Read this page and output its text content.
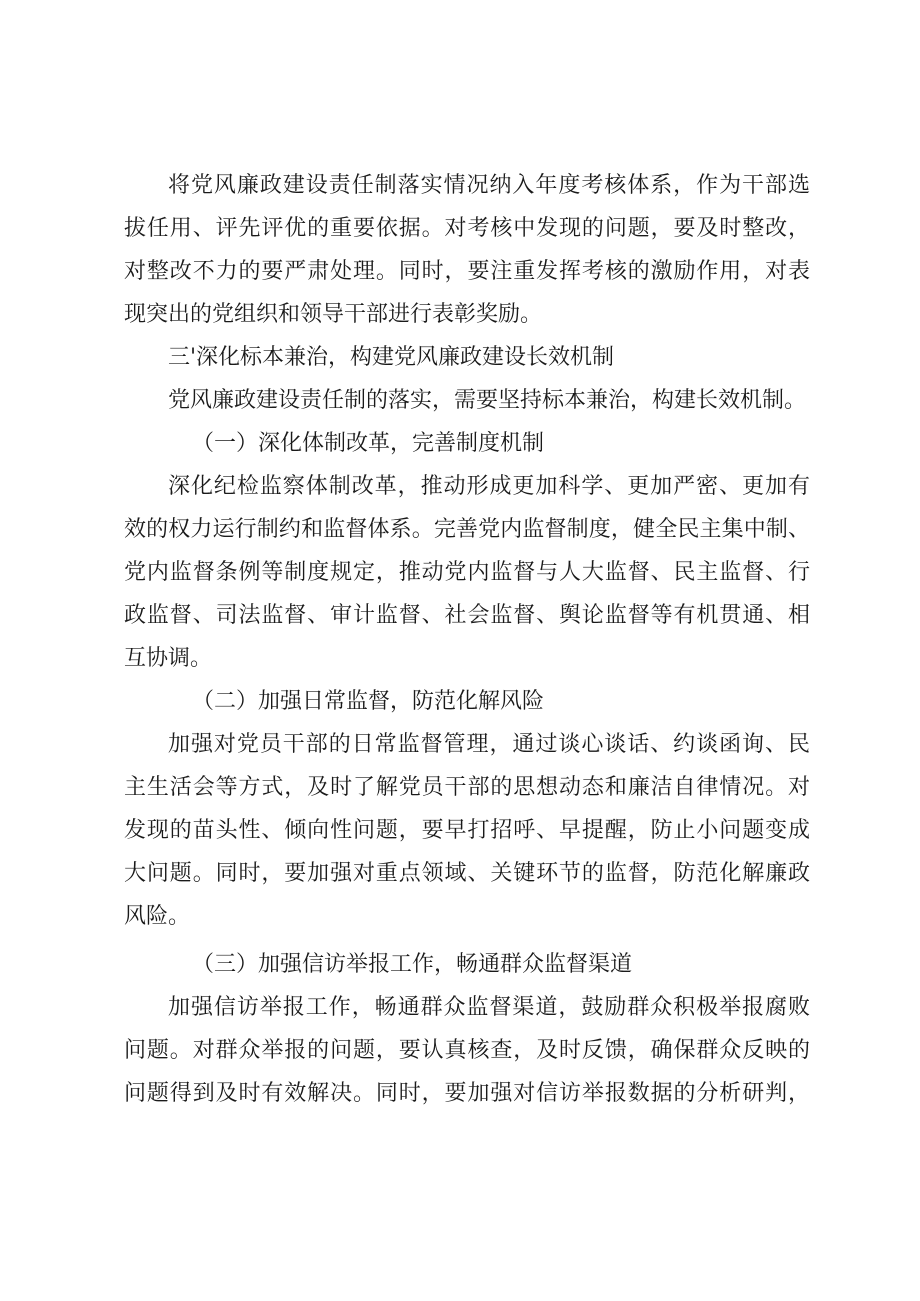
将党风廉政建设责任制落实情况纳入年度考核体系，作为干部选
拔任用、评先评优的重要依据。对考核中发现的问题，要及时整改，
对整改不力的要严肃处理。同时，要注重发挥考核的激励作用，对表
现突出的党组织和领导干部进行表彰奖励。
三'深化标本兼治，构建党风廉政建设长效机制
党风廉政建设责任制的落实，需要坚持标本兼治，构建长效机制。
（一）深化体制改革，完善制度机制
深化纪检监察体制改革，推动形成更加科学、更加严密、更加有
效的权力运行制约和监督体系。完善党内监督制度，健全民主集中制、
党内监督条例等制度规定，推动党内监督与人大监督、民主监督、行
政监督、司法监督、审计监督、社会监督、舆论监督等有机贯通、相
互协调。
（二）加强日常监督，防范化解风险
加强对党员干部的日常监督管理，通过谈心谈话、约谈函询、民
主生活会等方式，及时了解党员干部的思想动态和廉洁自律情况。对
发现的苗头性、倾向性问题，要早打招呼、早提醒，防止小问题变成
大问题。同时，要加强对重点领域、关键环节的监督，防范化解廉政
风险。
（三）加强信访举报工作，畅通群众监督渠道
加强信访举报工作，畅通群众监督渠道，鼓励群众积极举报腐败
问题。对群众举报的问题，要认真核查，及时反馈，确保群众反映的
问题得到及时有效解决。同时，要加强对信访举报数据的分析研判，
